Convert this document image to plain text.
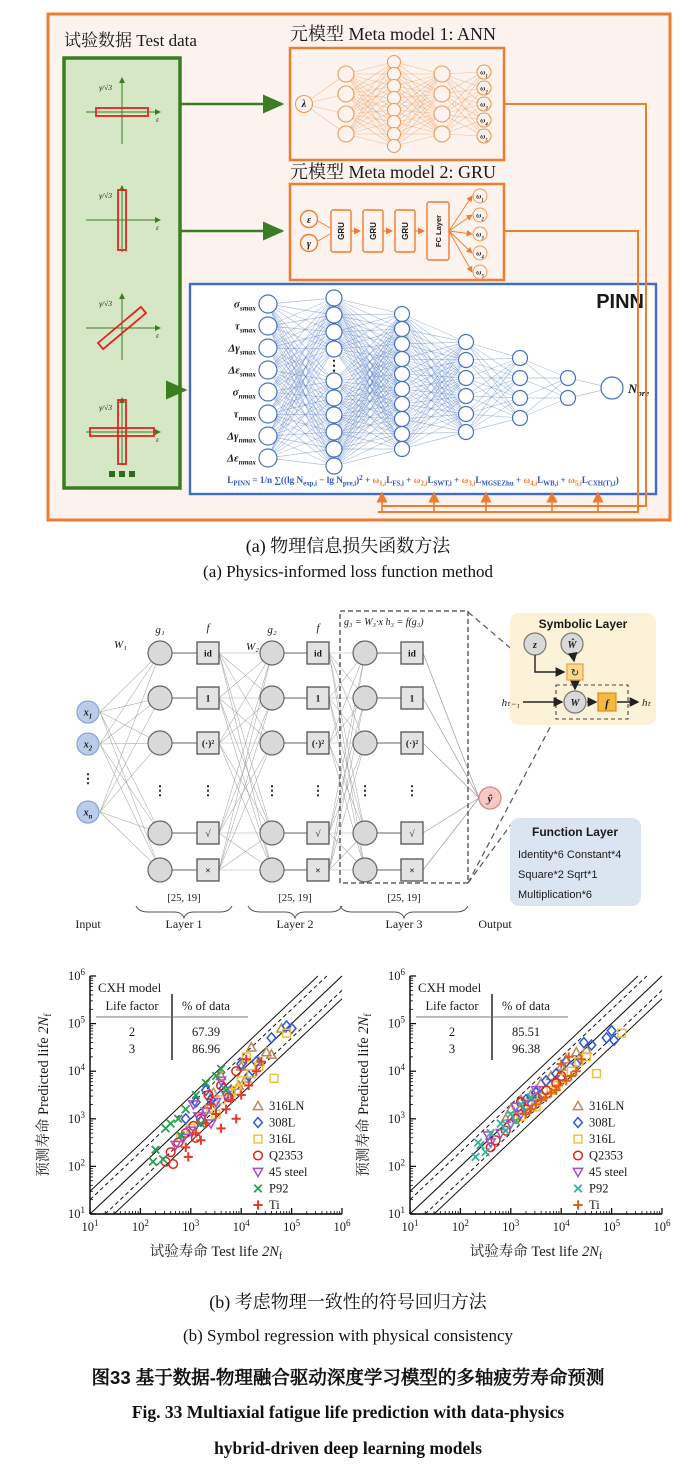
试验数据 Test data
γ/√3
ε
γ/√3
ε
γ/√3
ε
γ/√3
ε
元模型 Meta model 1: ANN
λ
$\omega_1$
$\omega_2$
$\omega_3$
$\omega_4$
$\omega_5$
元模型 Meta model 2: GRU
ε
γ
GRU	GRU	GRU	FC Layer
$\omega_1$
$\omega_2$
$\omega_3$
$\omega_4$
$\omega_5$
PINN
⋮
$\sigma_{smax}$
$\tau_{smax}$
$\Delta\gamma_{smax}$
$\Delta\varepsilon_{smax}$
$\sigma_{nmax}$
$\tau_{nmax}$
$\Delta\gamma_{nmax}$
$\Delta\varepsilon_{nmax}$
$N_{pre}$
$L_{PINN} = 1/n$ ∑((lg $N_{exp,i} - \lg N_{pre,i})^2 + \omega_{1,i}L_{FS,i} + \omega_{2,i}L_{SWT,i} + \omega_{3,i}L_{MGSEZhu} + \omega_{4,i}L_{WB,i} + \omega_{5,i}L_{CXH(T),i}$)
(a) 物理信息损失函数方法
(a) Physics-informed loss function method
$x_1$
$x_2$
⋮
$x_n$
⋮	⋮	⋮
id
1
(·)²
√
×
⋮
id
1
(·)²
√
×
⋮
id
1
(·)²
√
×
⋮
ŷ
W₁
g₁	f
W₂
g₂	f g₃ = W₃·x h₃ = f(g₃)	Symbolic Layer
z	Ŵ
↻
hₜ₋₁	W f	hₜ
Function Layer
Identity*6 Constant*4
Square*2 Sqrt*1
Multiplication*6
[25, 19]	[25, 19]	[25, 19]
Input	Layer 1	Layer 2	Layer 3	Output
$10^1$
$10^1$
$10^2$
$10^2$
$10^3$
$10^3$
$10^4$
$10^4$
$10^5$
$10^5$
$10^6$
$10^6$
CXH model
Life factor % of data
2	67.39
3	86.96
316LN
308L
316L
Q2353
45 steel
P92
Ti
试验寿命 Test life $2N_f$
预测寿命 Predicted life $2N_f$
$10^1$
$10^1$
$10^2$
$10^2$
$10^3$
$10^3$
$10^4$
$10^4$
$10^5$
$10^5$
$10^6$
$10^6$
CXH model
Life factor % of data
2	85.51
3	96.38
316LN
308L
316L
Q2353
45 steel
P92
Ti
试验寿命 Test life $2N_f$
预测寿命 Predicted life $2N_f$
(b) 考虑物理一致性的符号回归方法
(b) Symbol regression with physical consistency
图33 基于数据-物理融合驱动深度学习模型的多轴疲劳寿命预测
Fig. 33 Multiaxial fatigue life prediction with data-physics
hybrid-driven deep learning models
